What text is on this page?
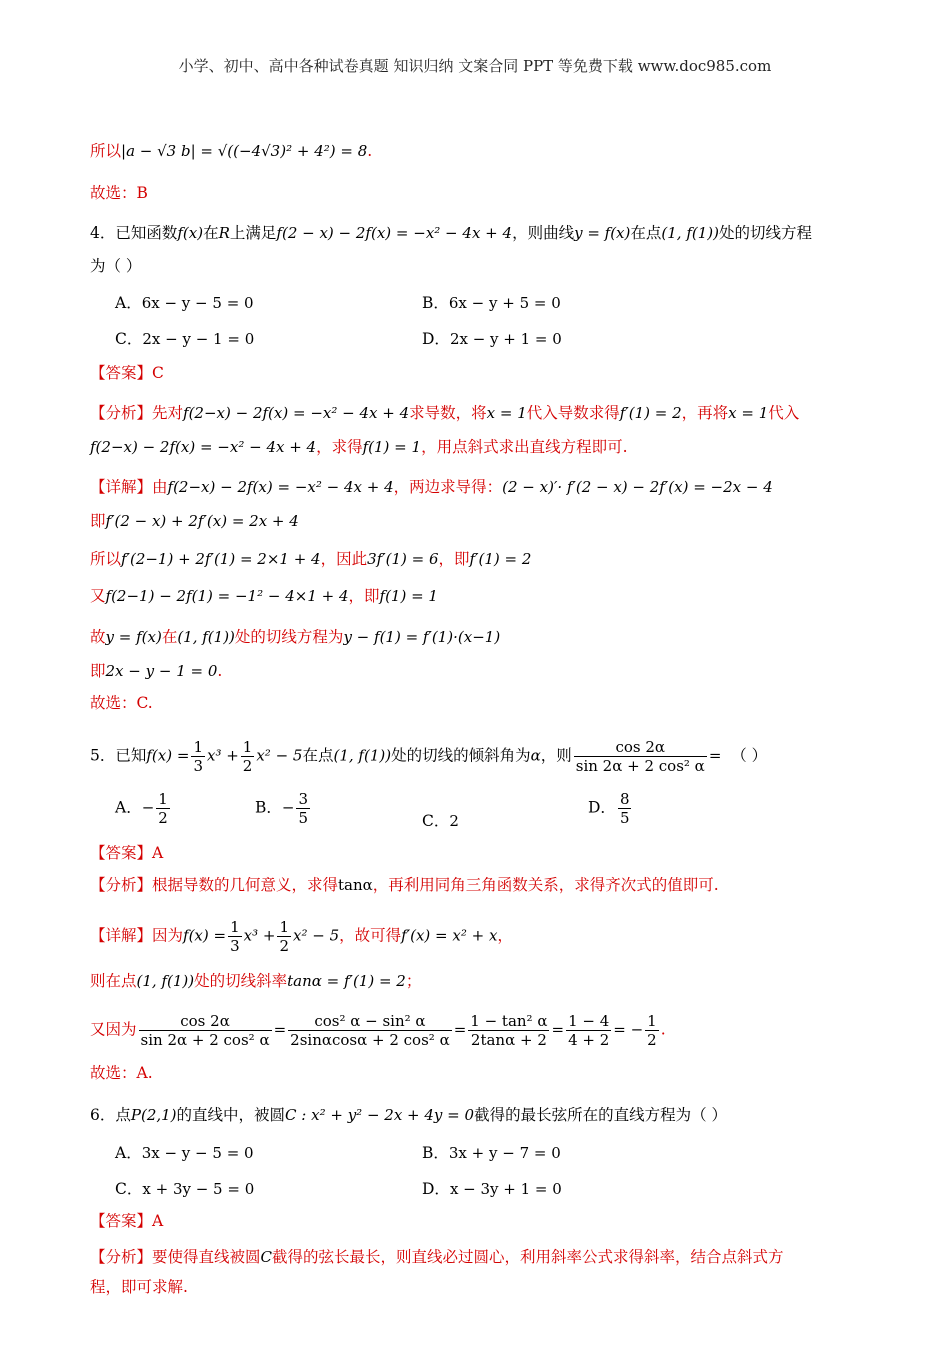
小学、初中、高中各种试卷真题 知识归纳 文案合同 PPT 等免费下载 www.doc985.com
所以|a − √3 b| = √((−4√3)² + 4²) = 8.
故选：B
4．已知函数f(x)在R上满足f(2 − x) − 2f(x) = −x² − 4x + 4，则曲线y = f(x)在点(1, f(1))处的切线方程
为（ ）
A．6x − y − 5 = 0	B．6x − y + 5 = 0
C．2x − y − 1 = 0	D．2x − y + 1 = 0
【答案】C
【分析】先对f(2−x) − 2f(x) = −x² − 4x + 4求导数，将x = 1代入导数求得f′(1) = 2，再将x = 1代入
f(2−x) − 2f(x) = −x² − 4x + 4，求得f(1) = 1，用点斜式求出直线方程即可.
【详解】由f(2−x) − 2f(x) = −x² − 4x + 4，两边求导得：(2 − x)′· f′(2 − x) − 2f′(x) = −2x − 4
即f′(2 − x) + 2f′(x) = 2x + 4
所以f′(2−1) + 2f′(1) = 2×1 + 4，因此3f′(1) = 6，即f′(1) = 2
又f(2−1) − 2f(1) = −1² − 4×1 + 4，即f(1) = 1
故y = f(x)在(1, f(1))处的切线方程为y − f(1) = f′(1)·(x−1)
即2x − y − 1 = 0.
故选：C.
5．已知$f(x) = \frac{1}{3} x^3 + \frac{1}{2} x^2 - 5$在点(1, f(1))处的切线的倾斜角为α，则 $\frac{\cos 2\alpha}{\text{sin 2α + 2 cos² α}}$ = （ ）
A．− $\frac{1}{2}$	B．− $\frac{3}{5}$	C．2
D． $\frac{8}{5}$
【答案】A
【分析】根据导数的几何意义，求得tanα，再利用同角三角函数关系，求得齐次式的值即可.
【详解】因为$f(x) = \frac{1}{3} x^3 + \frac{1}{2} x^2 - 5$，故可得f′(x) = x² + x，
则在点(1, f(1))处的切线斜率tanα = f′(1) = 2；
又因为 $\frac{\cos 2\alpha}{\text{sin 2α + 2 cos² α}} = \frac{\text{cos² α − sin² α}}{\text{2sinαcosα + 2 cos² α}} = \frac{\text{1 − tan² α}}{2\tan\alpha + 2} = \frac{1 - 4}{4 + 2}$ = − $\frac{1}{2}$ .
故选：A.
6．点P(2,1)的直线中，被圆C : x² + y² − 2x + 4y = 0截得的最长弦所在的直线方程为（ ）
A．3x − y − 5 = 0	B．3x + y − 7 = 0
C．x + 3y − 5 = 0	D．x − 3y + 1 = 0
【答案】A
【分析】要使得直线被圆C截得的弦长最长，则直线必过圆心，利用斜率公式求得斜率，结合点斜式方
程，即可求解.
